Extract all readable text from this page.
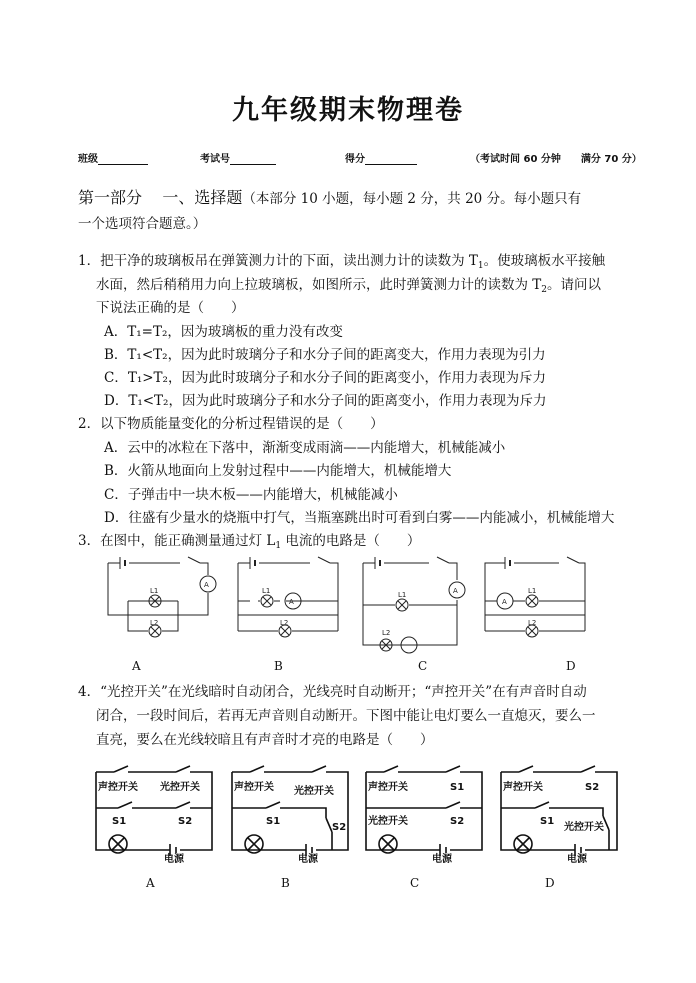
九年级期末物理卷
班级	考试号	得分	（考试时间 60 分钟　　满分 70 分）
第一部分 一、选择题（本部分 10 小题，每小题 2 分，共 20 分。每小题只有
一个选项符合题意。）
1．把干净的玻璃板吊在弹簧测力计的下面，读出测力计的读数为 $T_1$。使玻璃板水平接触
水面，然后稍稍用力向上拉玻璃板，如图所示，此时弹簧测力计的读数为 $T_2$。请问以
下说法正确的是（　　）
A．T₁=T₂，因为玻璃板的重力没有改变
B．T₁<T₂，因为此时玻璃分子和水分子间的距离变大，作用力表现为引力
C．T₁>T₂，因为此时玻璃分子和水分子间的距离变小，作用力表现为斥力
D．T₁<T₂，因为此时玻璃分子和水分子间的距离变小，作用力表现为斥力
2．以下物质能量变化的分析过程错误的是（　　）
A．云中的冰粒在下落中，渐渐变成雨滴——内能增大，机械能减小
B．火箭从地面向上发射过程中——内能增大，机械能增大
C．子弹击中一块木板——内能增大，机械能减小
D．往盛有少量水的烧瓶中打气，当瓶塞跳出时可看到白雾——内能减小，机械能增大
3．在图中，能正确测量通过灯 $L_1$ 电流的电路是（　　）
A
L1
L2
A
L1
L2
A
L1
L2
A
L1
L2
A	B	C	D
4．“光控开关”在光线暗时自动闭合，光线亮时自动断开；“声控开关”在有声音时自动
闭合，一段时间后，若再无声音则自动断开。下图中能让电灯要么一直熄灭，要么一
直亮，要么在光线较暗且有声音时才亮的电路是（　　）
声控开关 光控开关
S1	S2
电源
声控开关 光控开关
S1
S2
电源
声控开关	S1
光控开关	S2
电源
声控开关	S2
S1
光控开关
电源
A	B	C	D
